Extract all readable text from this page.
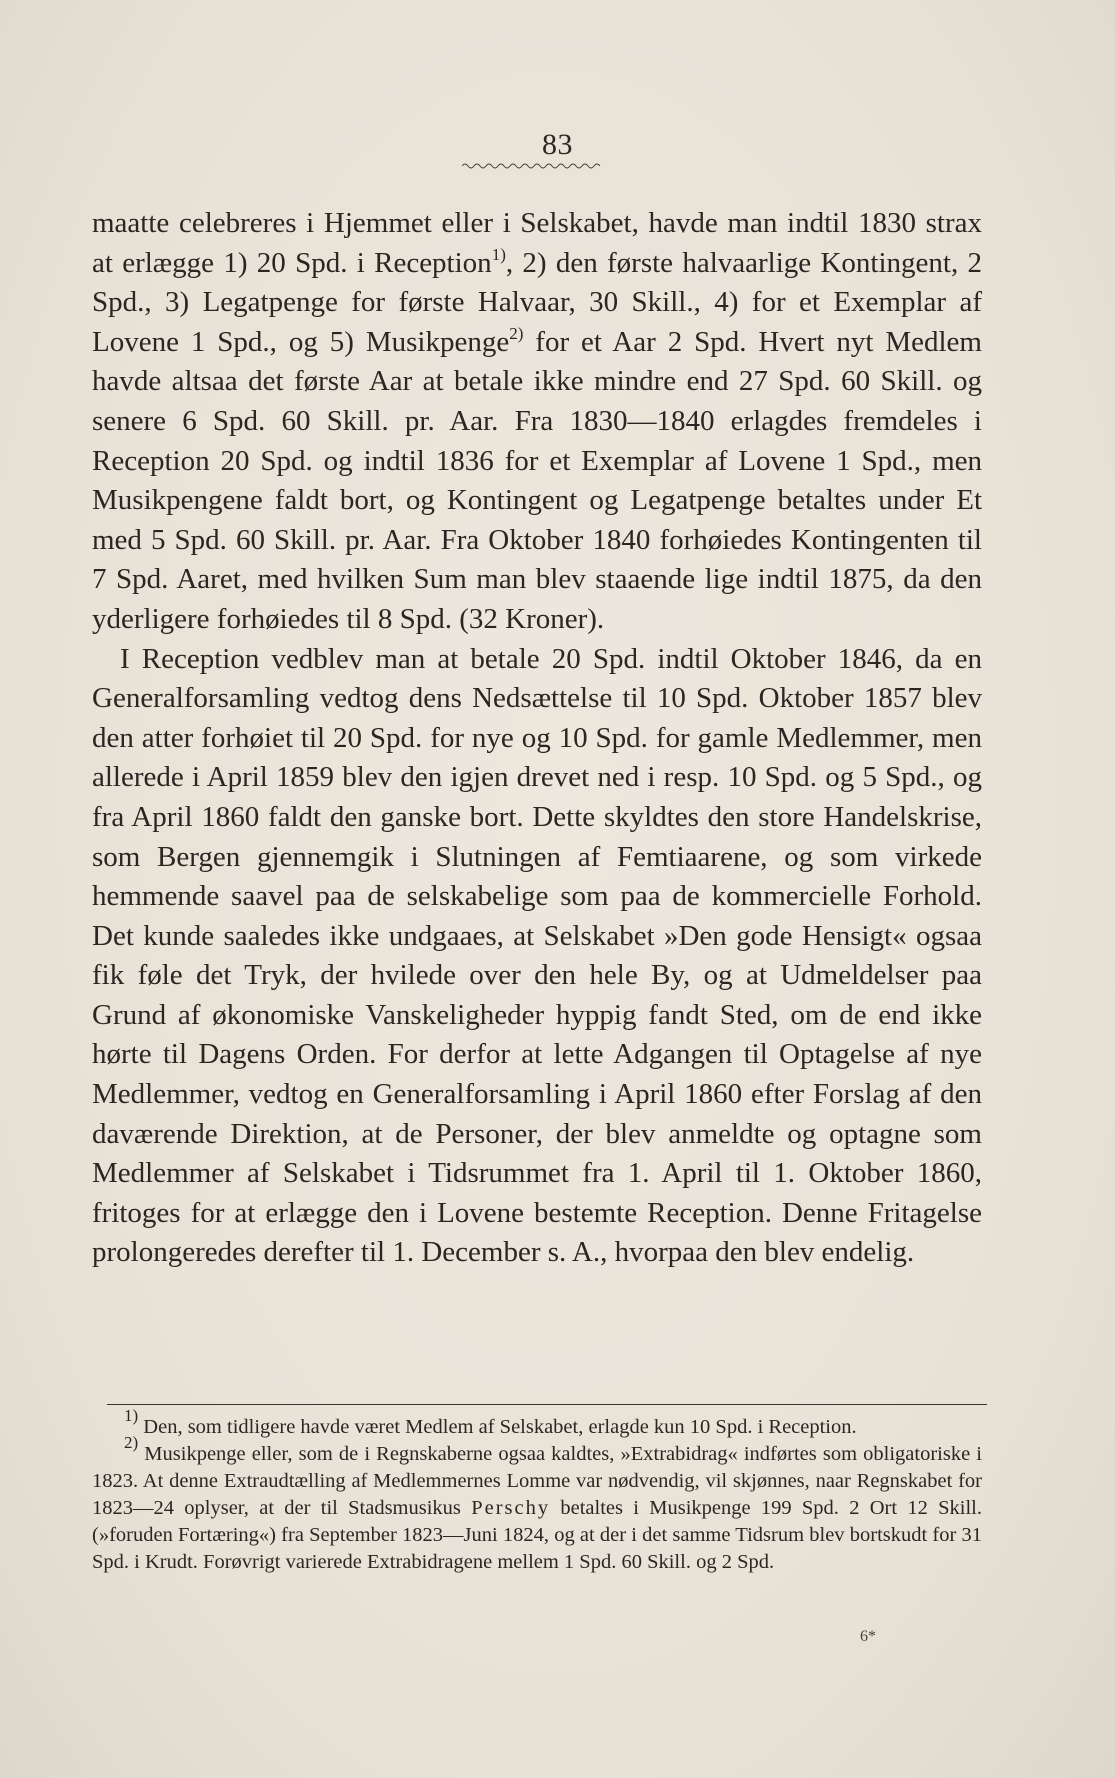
83

maatte celebreres i Hjemmet eller i Selskabet, havde man indtil 1830 strax at erlægge 1) 20 Spd. i Reception$^{1)}$, 2) den første halvaarlige Kontingent, 2 Spd., 3) Legatpenge for første Halvaar, 30 Skill., 4) for et Exemplar af Lovene 1 Spd., og 5) Musikpenge$^{2)}$ for et Aar 2 Spd. Hvert nyt Medlem havde altsaa det første Aar at betale ikke mindre end 27 Spd. 60 Skill. og senere 6 Spd. 60 Skill. pr. Aar. Fra 1830—1840 erlagdes fremdeles i Reception 20 Spd. og indtil 1836 for et Exemplar af Lovene 1 Spd., men Musikpengene faldt bort, og Kontingent og Legatpenge betaltes under Et med 5 Spd. 60 Skill. pr. Aar. Fra Oktober 1840 forhøiedes Kontingenten til 7 Spd. Aaret, med hvilken Sum man blev staaende lige indtil 1875, da den yderligere forhøiedes til 8 Spd. (32 Kroner).

I Reception vedblev man at betale 20 Spd. indtil Oktober 1846, da en Generalforsamling vedtog dens Nedsættelse til 10 Spd. Oktober 1857 blev den atter forhøiet til 20 Spd. for nye og 10 Spd. for gamle Medlemmer, men allerede i April 1859 blev den igjen drevet ned i resp. 10 Spd. og 5 Spd., og fra April 1860 faldt den ganske bort. Dette skyldtes den store Handelskrise, som Bergen gjennemgik i Slutningen af Femtiaarene, og som virkede hemmende saavel paa de selskabelige som paa de kommercielle Forhold. Det kunde saaledes ikke undgaaes, at Selskabet »Den gode Hensigt« ogsaa fik føle det Tryk, der hvilede over den hele By, og at Udmeldelser paa Grund af økonomiske Vanskeligheder hyppig fandt Sted, om de end ikke hørte til Dagens Orden. For derfor at lette Adgangen til Optagelse af nye Medlemmer, vedtog en Generalforsamling i April 1860 efter Forslag af den daværende Direktion, at de Personer, der blev anmeldte og optagne som Medlemmer af Selskabet i Tidsrummet fra 1. April til 1. Oktober 1860, fritoges for at erlægge den i Lovene bestemte Reception. Denne Fritagelse prolongeredes derefter til 1. December s. A., hvorpaa den blev endelig.

$^{1)}$ Den, som tidligere havde været Medlem af Selskabet, erlagde kun 10 Spd. i Reception.

$^{2)}$ Musikpenge eller, som de i Regnskaberne ogsaa kaldtes, »Extrabidrag« indførtes som obligatoriske i 1823. At denne Extraudtælling af Medlemmernes Lomme var nødvendig, vil skjønnes, naar Regnskabet for 1823—24 oplyser, at der til Stadsmusikus Perschy betaltes i Musikpenge 199 Spd. 2 Ort 12 Skill. (»foruden Fortæring«) fra September 1823—Juni 1824, og at der i det samme Tidsrum blev bortskudt for 31 Spd. i Krudt. Forøvrigt varierede Extrabidragene mellem 1 Spd. 60 Skill. og 2 Spd.

6*
